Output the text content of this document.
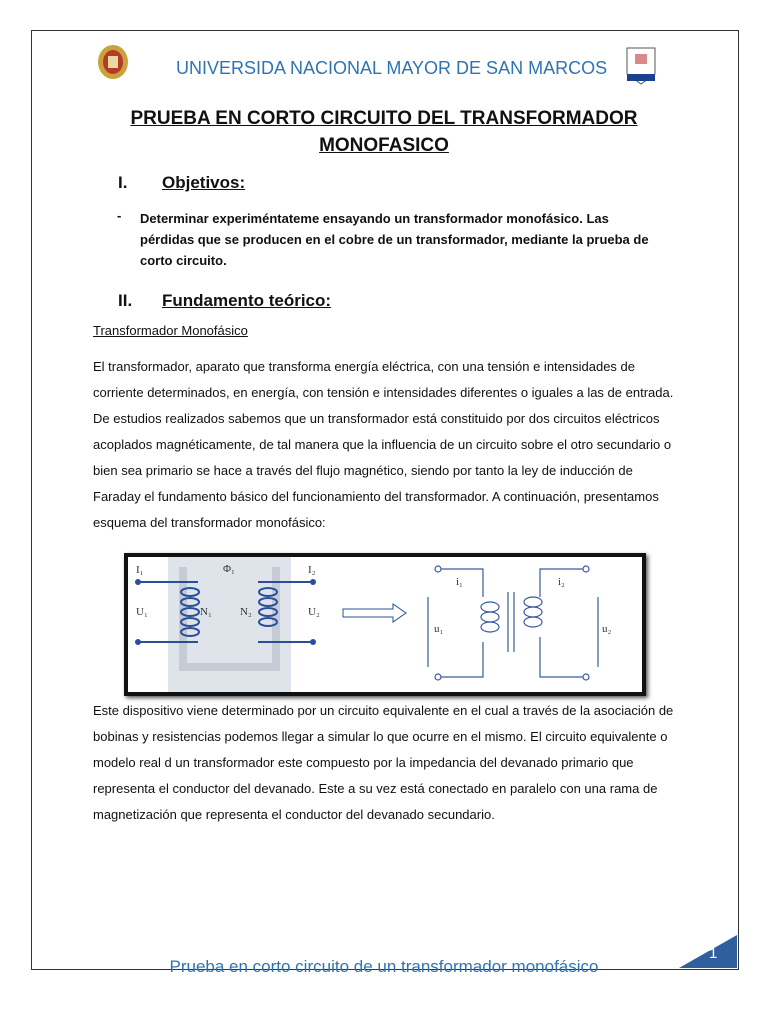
UNIVERSIDA NACIONAL MAYOR DE SAN MARCOS
PRUEBA EN CORTO CIRCUITO DEL TRANSFORMADOR
MONOFASICO
I. Objetivos:
- Determinar experiméntateme ensayando un transformador monofásico. Las pérdidas que se producen en el cobre de un transformador, mediante la prueba de corto circuito.
II. Fundamento teórico:
Transformador Monofásico
El transformador, aparato que transforma energía eléctrica, con una tensión e intensidades de corriente determinados, en energía, con tensión e intensidades diferentes o iguales a las de entrada. De estudios realizados sabemos que un transformador está constituido por dos circuitos eléctricos acoplados magnéticamente, de tal manera que la influencia de un circuito sobre el otro secundario o bien sea primario se hace a través del flujo magnético, siendo por tanto la ley de inducción de Faraday el fundamento básico del funcionamiento del transformador. A continuación, presentamos esquema del transformador monofásico:
I₁	Φ₁
N₁	N₂
I₂
U₁	U₂
i₁	i₂
u₁	u₂
Este dispositivo viene determinado por un circuito equivalente en el cual a través de la asociación de bobinas y resistencias podemos llegar a simular lo que ocurre en el mismo. El circuito equivalente o modelo real d un transformador este compuesto por la impedancia del devanado primario que representa el conductor del devanado. Este a su vez está conectado en paralelo con una rama de magnetización que representa el conductor del devanado secundario.
Prueba en corto circuito de un transformador monofásico
1
